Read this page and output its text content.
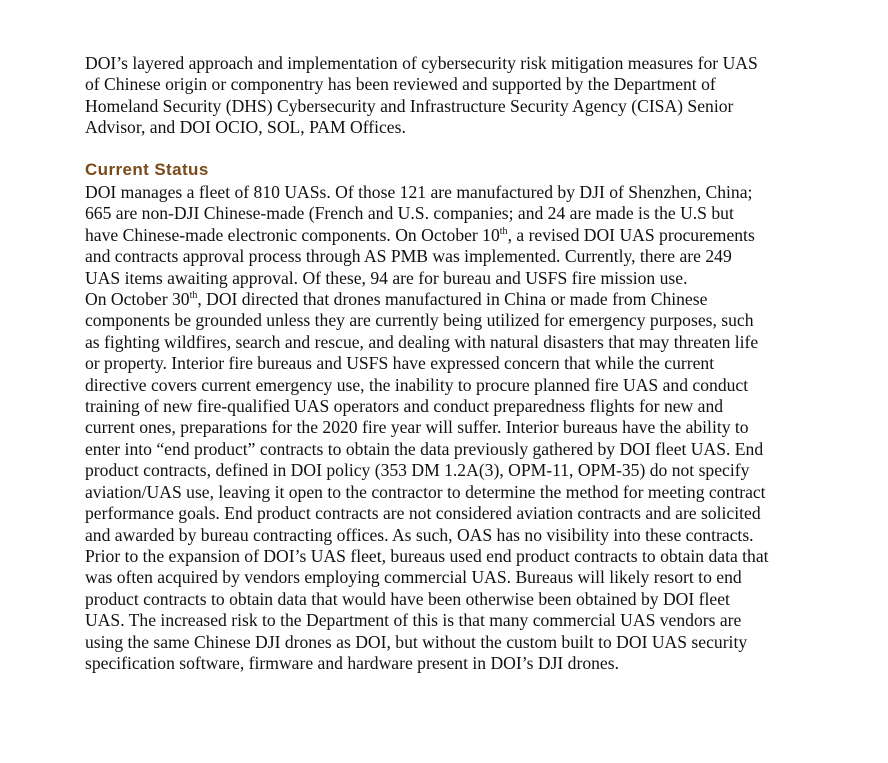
DOI’s layered approach and implementation of cybersecurity risk mitigation measures for UAS
of Chinese origin or componentry has been reviewed and supported by the Department of
Homeland Security (DHS) Cybersecurity and Infrastructure Security Agency (CISA) Senior
Advisor, and DOI OCIO, SOL, PAM Offices.

Current Status

DOI manages a fleet of 810 UASs. Of those 121 are manufactured by DJI of Shenzhen, China;
665 are non-DJI Chinese-made (French and U.S. companies; and 24 are made is the U.S but
have Chinese-made electronic components. On October 10th, a revised DOI UAS procurements
and contracts approval process through AS PMB was implemented. Currently, there are 249
UAS items awaiting approval. Of these, 94 are for bureau and USFS fire mission use.
On October 30th, DOI directed that drones manufactured in China or made from Chinese
components be grounded unless they are currently being utilized for emergency purposes, such
as fighting wildfires, search and rescue, and dealing with natural disasters that may threaten life
or property. Interior fire bureaus and USFS have expressed concern that while the current
directive covers current emergency use, the inability to procure planned fire UAS and conduct
training of new fire-qualified UAS operators and conduct preparedness flights for new and
current ones, preparations for the 2020 fire year will suffer. Interior bureaus have the ability to
enter into “end product” contracts to obtain the data previously gathered by DOI fleet UAS. End
product contracts, defined in DOI policy (353 DM 1.2A(3), OPM-11, OPM-35) do not specify
aviation/UAS use, leaving it open to the contractor to determine the method for meeting contract
performance goals. End product contracts are not considered aviation contracts and are solicited
and awarded by bureau contracting offices. As such, OAS has no visibility into these contracts.
Prior to the expansion of DOI’s UAS fleet, bureaus used end product contracts to obtain data that
was often acquired by vendors employing commercial UAS. Bureaus will likely resort to end
product contracts to obtain data that would have been otherwise been obtained by DOI fleet
UAS. The increased risk to the Department of this is that many commercial UAS vendors are
using the same Chinese DJI drones as DOI, but without the custom built to DOI UAS security
specification software, firmware and hardware present in DOI’s DJI drones.
